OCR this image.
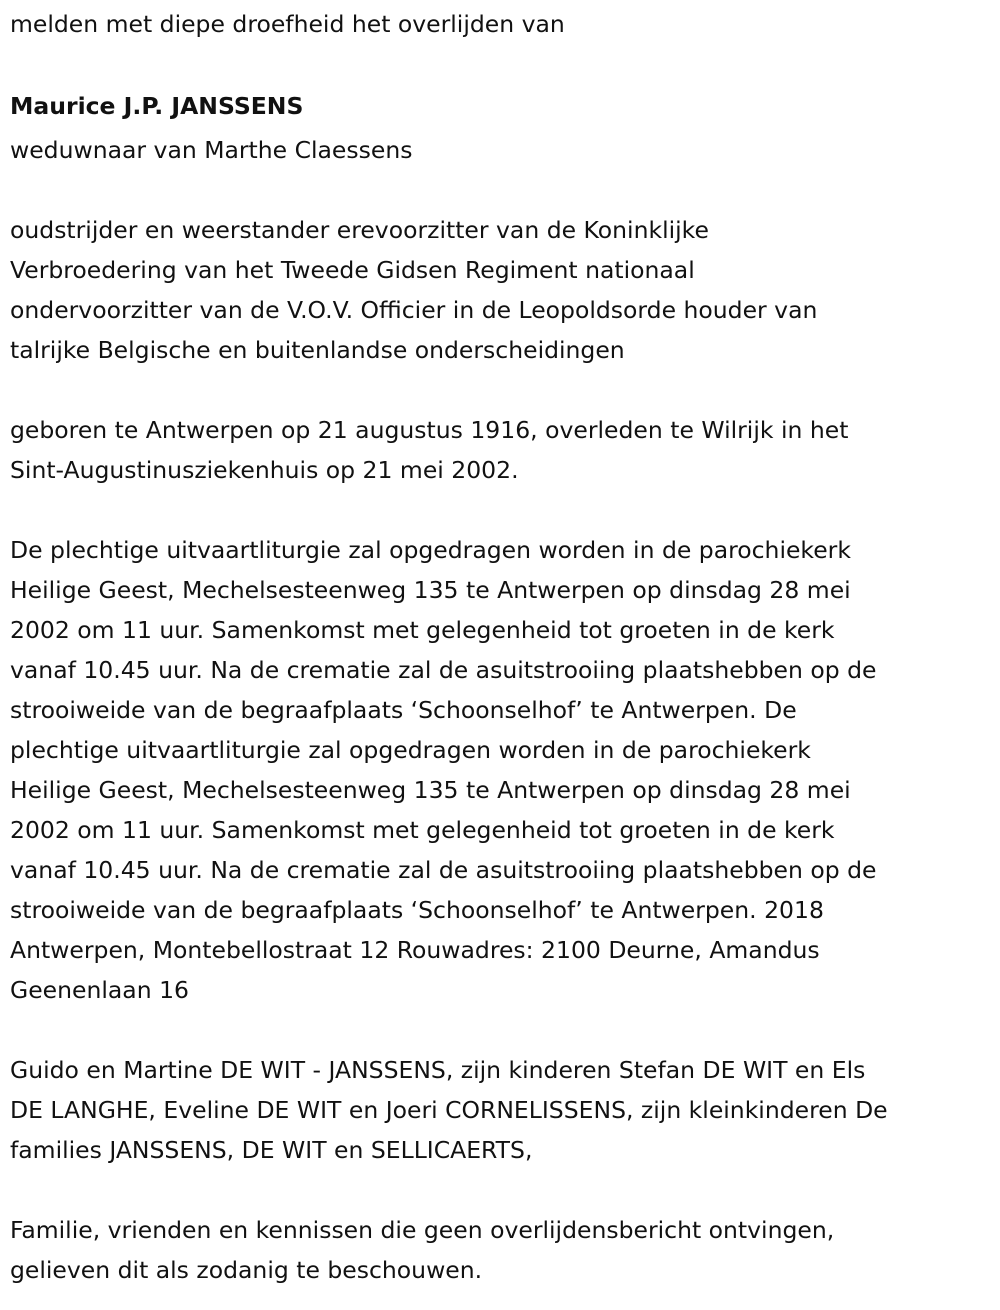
melden met diepe droefheid het overlijden van
Maurice J.P. JANSSENS
weduwnaar van Marthe Claessens
oudstrijder en weerstander erevoorzitter van de Koninklijke
Verbroedering van het Tweede Gidsen Regiment nationaal
ondervoorzitter van de V.O.V. Officier in de Leopoldsorde houder van
talrijke Belgische en buitenlandse onderscheidingen
geboren te Antwerpen op 21 augustus 1916, overleden te Wilrijk in het
Sint-Augustinusziekenhuis op 21 mei 2002.
De plechtige uitvaartliturgie zal opgedragen worden in de parochiekerk
Heilige Geest, Mechelsesteenweg 135 te Antwerpen op dinsdag 28 mei
2002 om 11 uur. Samenkomst met gelegenheid tot groeten in de kerk
vanaf 10.45 uur. Na de crematie zal de asuitstrooiing plaatshebben op de
strooiweide van de begraafplaats ‘Schoonselhof’ te Antwerpen. De
plechtige uitvaartliturgie zal opgedragen worden in de parochiekerk
Heilige Geest, Mechelsesteenweg 135 te Antwerpen op dinsdag 28 mei
2002 om 11 uur. Samenkomst met gelegenheid tot groeten in de kerk
vanaf 10.45 uur. Na de crematie zal de asuitstrooiing plaatshebben op de
strooiweide van de begraafplaats ‘Schoonselhof’ te Antwerpen. 2018
Antwerpen, Montebellostraat 12 Rouwadres: 2100 Deurne, Amandus
Geenenlaan 16
Guido en Martine DE WIT - JANSSENS, zijn kinderen Stefan DE WIT en Els
DE LANGHE, Eveline DE WIT en Joeri CORNELISSENS, zijn kleinkinderen De
families JANSSENS, DE WIT en SELLICAERTS,
Familie, vrienden en kennissen die geen overlijdensbericht ontvingen,
gelieven dit als zodanig te beschouwen.
